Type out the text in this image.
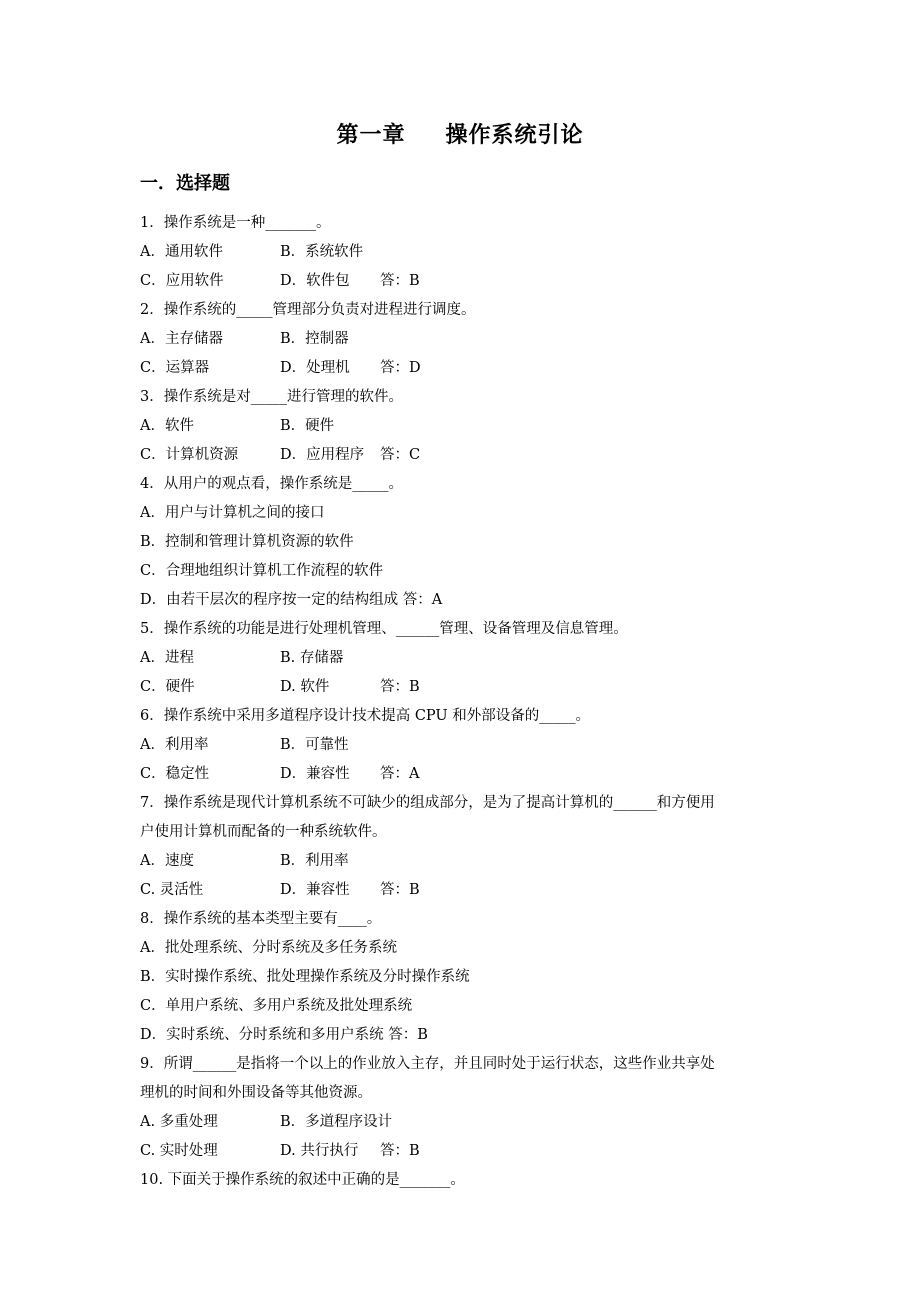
第一章 操作系统引论
一．选择题
1．操作系统是一种_______。
A．通用软件	B．系统软件
C．应用软件	D．软件包 答：B
2．操作系统的_____管理部分负责对进程进行调度。
A．主存储器	B．控制器
C．运算器	D．处理机 答：D
3．操作系统是对_____进行管理的软件。
A．软件	B．硬件
C．计算机资源	D．应用程序 答：C
4．从用户的观点看，操作系统是_____。
A．用户与计算机之间的接口
B．控制和管理计算机资源的软件
C．合理地组织计算机工作流程的软件
D．由若干层次的程序按一定的结构组成 答：A
5．操作系统的功能是进行处理机管理、______管理、设备管理及信息管理。
A．进程	B. 存储器
C．硬件	D. 软件	答：B
6．操作系统中采用多道程序设计技术提高 CPU 和外部设备的_____。
A．利用率	B．可靠性
C．稳定性	D．兼容性 答：A
7．操作系统是现代计算机系统不可缺少的组成部分，是为了提高计算机的______和方便用
户使用计算机而配备的一种系统软件。
A．速度	B．利用率
C. 灵活性	D．兼容性 答：B
8．操作系统的基本类型主要有____。
A．批处理系统、分时系统及多任务系统
B．实时操作系统、批处理操作系统及分时操作系统
C．单用户系统、多用户系统及批处理系统
D．实时系统、分时系统和多用户系统 答：B
9．所谓______是指将一个以上的作业放入主存，并且同时处于运行状态，这些作业共享处
理机的时间和外围设备等其他资源。
A. 多重处理	B．多道程序设计
C. 实时处理	D. 共行执行 答：B
10. 下面关于操作系统的叙述中正确的是_______。
